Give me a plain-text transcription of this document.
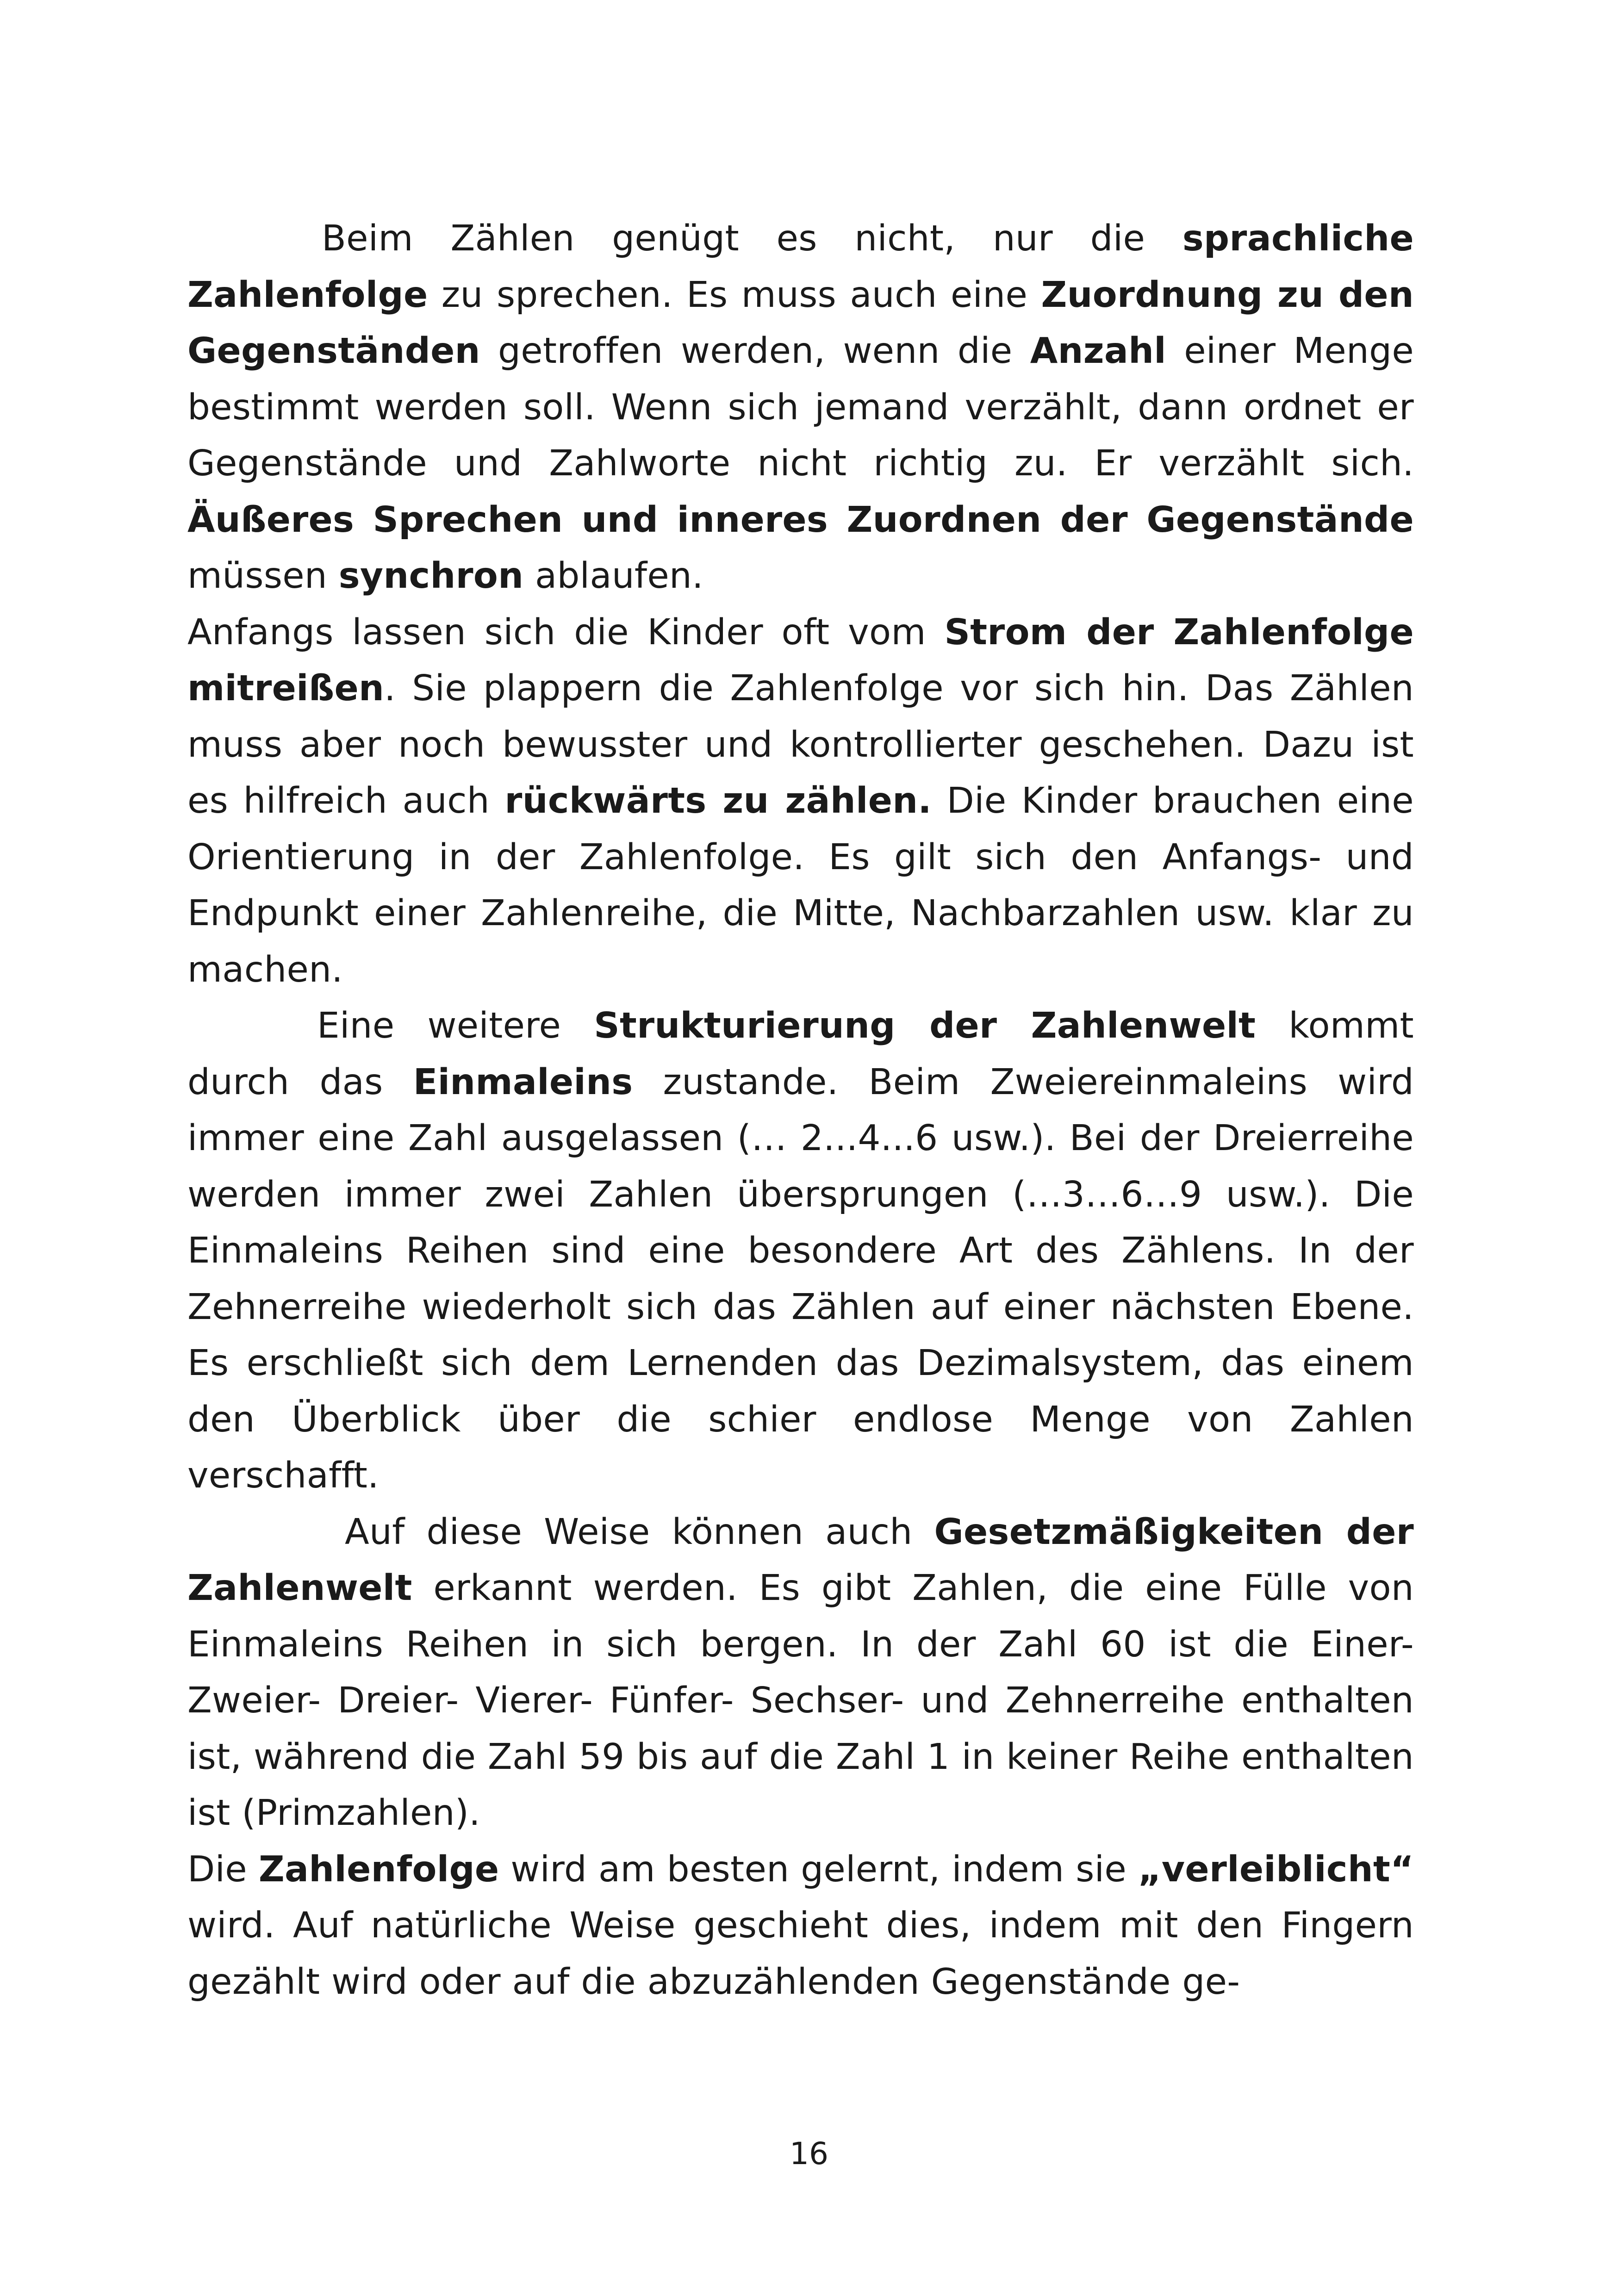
Beim Zählen genügt es nicht, nur die sprachliche Zahlenfolge zu sprechen. Es muss auch eine Zuordnung zu den Gegenständen getroffen werden, wenn die Anzahl einer Menge bestimmt werden soll. Wenn sich jemand verzählt, dann ordnet er Gegenstände und Zahlworte nicht richtig zu. Er verzählt sich. Äußeres Sprechen und inneres Zuordnen der Gegenstände müssen synchron ablaufen.

Anfangs lassen sich die Kinder oft vom Strom der Zahlenfolge mitreißen. Sie plappern die Zahlenfolge vor sich hin. Das Zählen muss aber noch bewusster und kontrollierter geschehen. Dazu ist es hilfreich auch rückwärts zu zählen. Die Kinder brauchen eine Orientierung in der Zahlenfolge. Es gilt sich den Anfangs- und Endpunkt einer Zahlenreihe, die Mitte, Nachbarzahlen usw. klar zu machen.

Eine weitere Strukturierung der Zahlenwelt kommt durch das Einmaleins zustande. Beim Zweiereinmaleins wird immer eine Zahl ausgelassen (… 2...4...6 usw.). Bei der Dreierreihe werden immer zwei Zahlen übersprungen (…3…6…9 usw.). Die Einmaleins Reihen sind eine besondere Art des Zählens. In der Zehnerreihe wiederholt sich das Zählen auf einer nächsten Ebene. Es erschließt sich dem Lernenden das Dezimalsystem, das einem den Überblick über die schier endlose Menge von Zahlen verschafft.

Auf diese Weise können auch Gesetzmäßigkeiten der Zahlenwelt erkannt werden. Es gibt Zahlen, die eine Fülle von Einmaleins Reihen in sich bergen. In der Zahl 60 ist die Einer- Zweier- Dreier- Vierer- Fünfer- Sechser- und Zehnerreihe enthalten ist, während die Zahl 59 bis auf die Zahl 1 in keiner Reihe enthalten ist (Primzahlen).

Die Zahlenfolge wird am besten gelernt, indem sie „verleiblicht“ wird. Auf natürliche Weise geschieht dies, indem mit den Fingern gezählt wird oder auf die abzuzählenden Gegenstände ge-

16
